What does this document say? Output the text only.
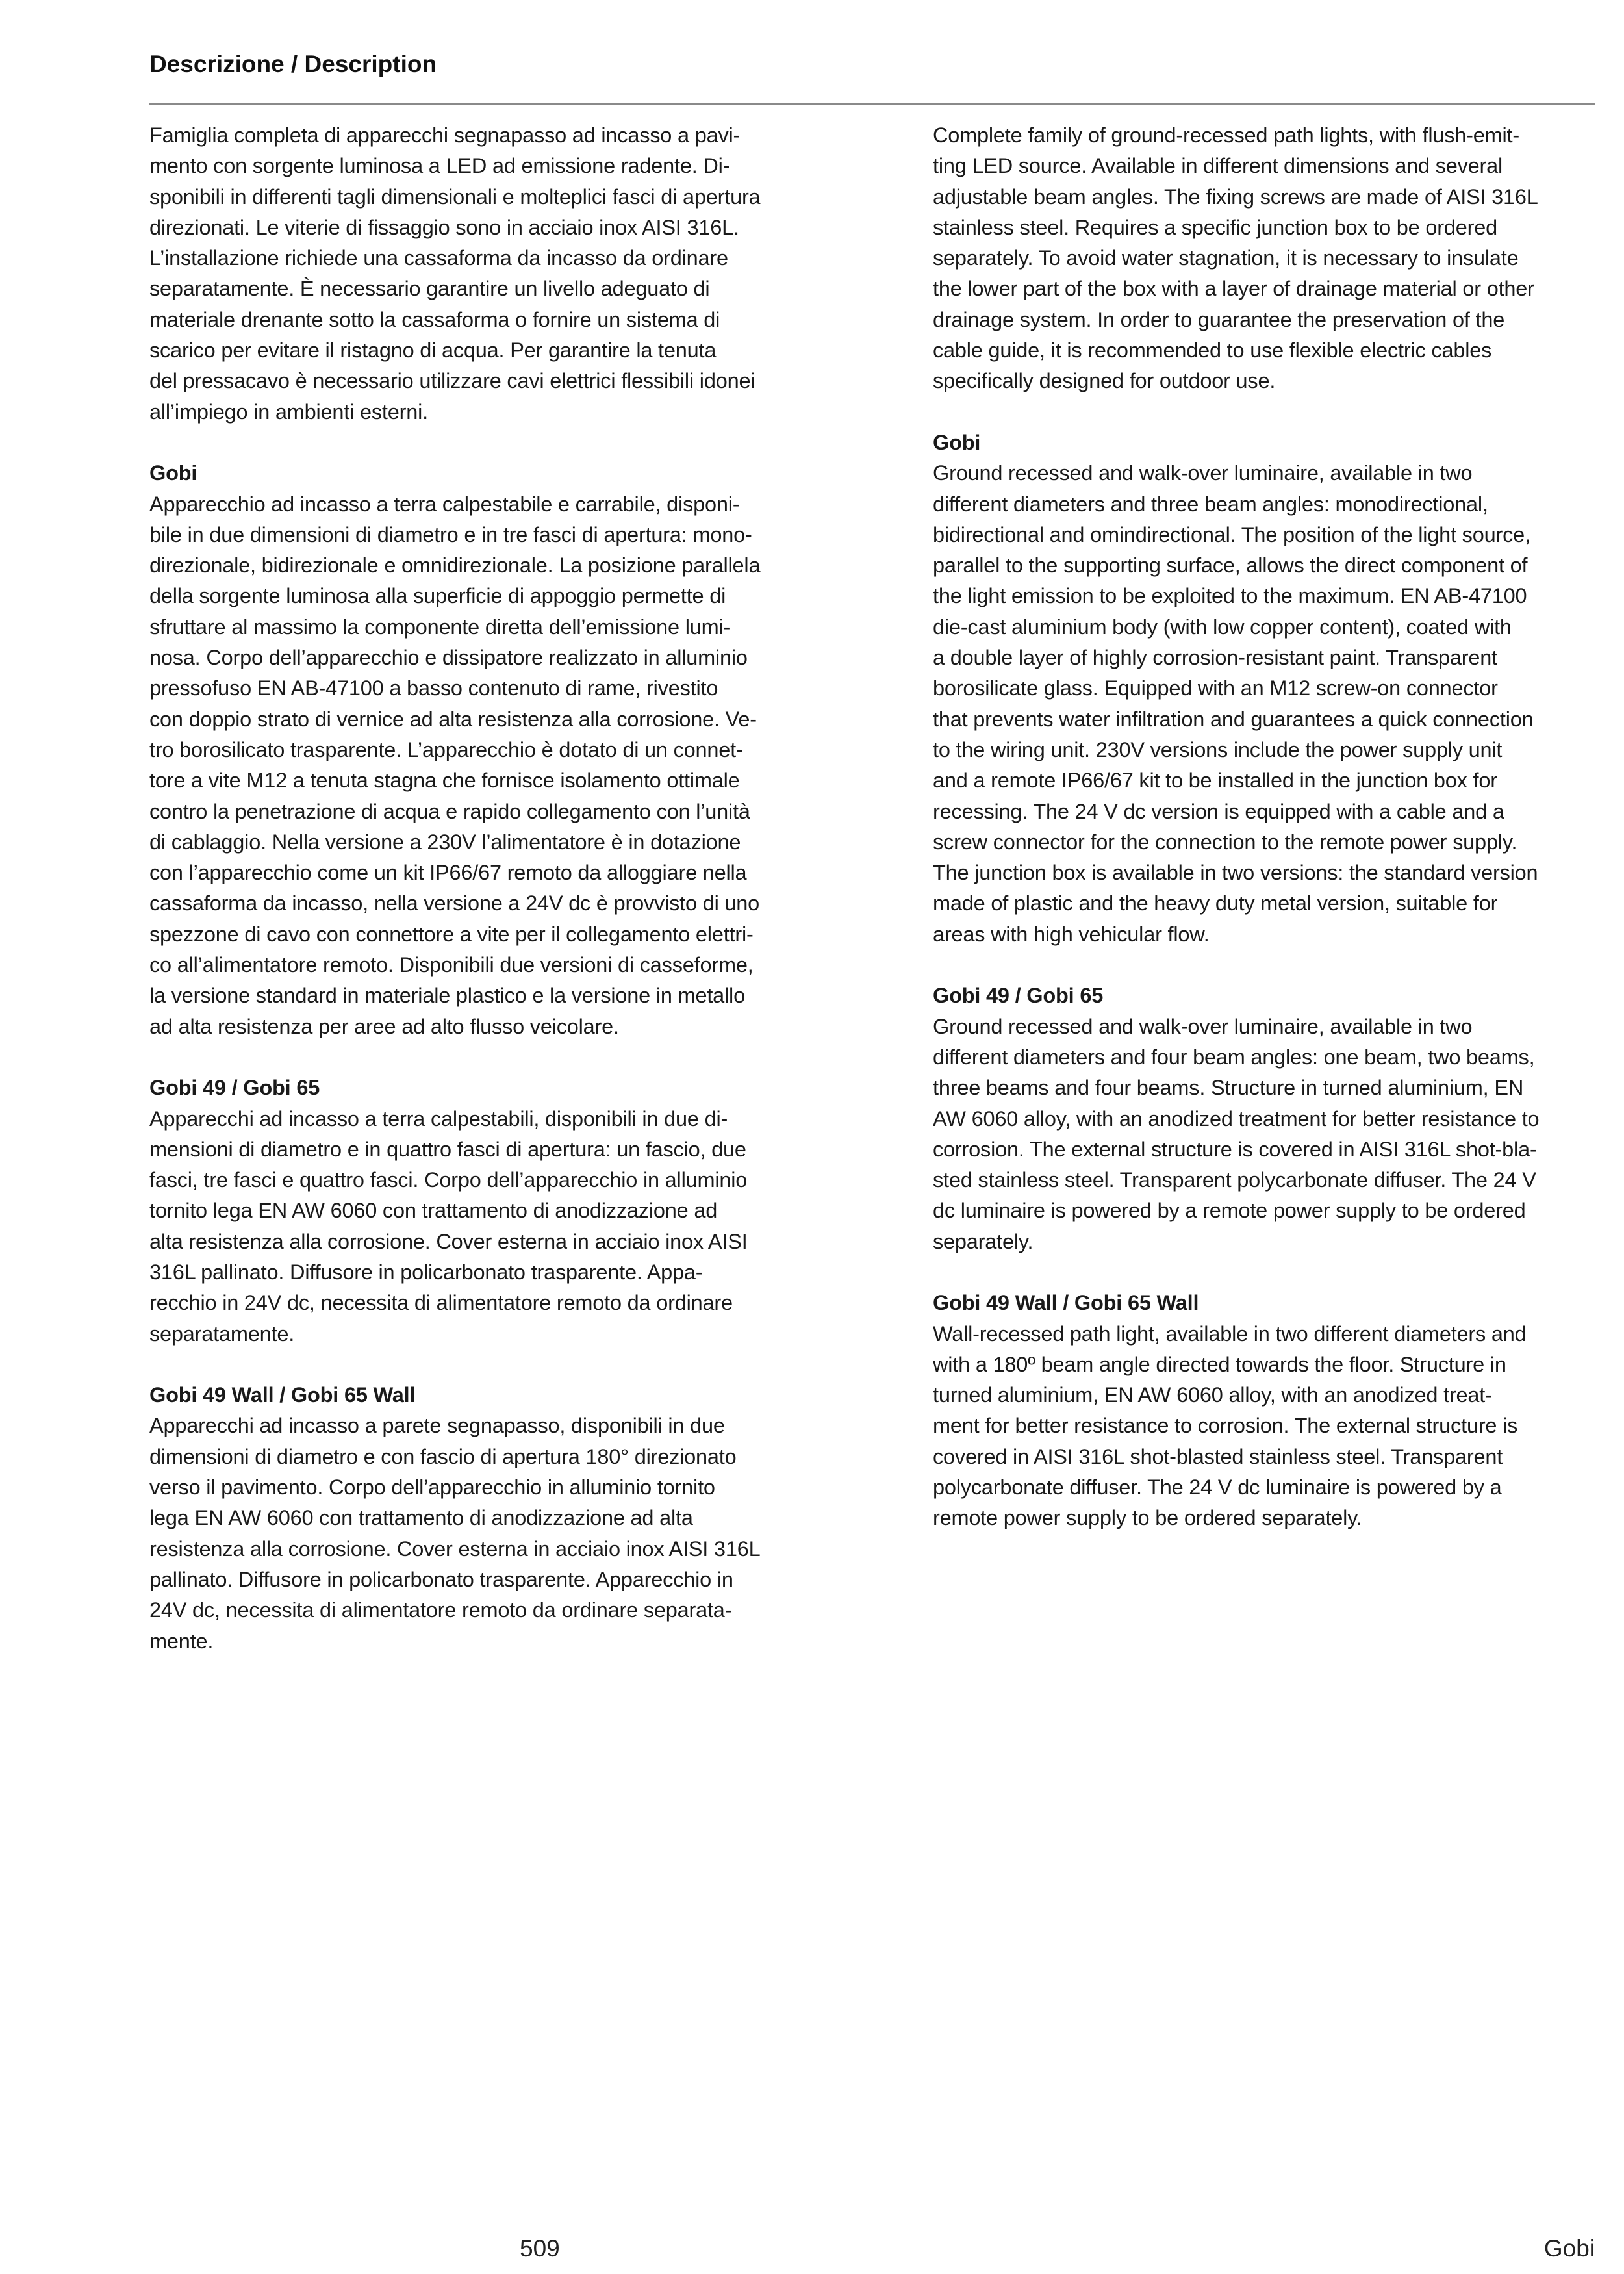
Descrizione / Description

Famiglia completa di apparecchi segnapasso ad incasso a pavi-
mento con sorgente luminosa a LED ad emissione radente. Di-
sponibili in differenti tagli dimensionali e molteplici fasci di apertura
direzionati. Le viterie di fissaggio sono in acciaio inox AISI 316L.
L’installazione richiede una cassaforma da incasso da ordinare
separatamente. È necessario garantire un livello adeguato di
materiale drenante sotto la cassaforma o fornire un sistema di
scarico per evitare il ristagno di acqua. Per garantire la tenuta
del pressacavo è necessario utilizzare cavi elettrici flessibili idonei
all’impiego in ambienti esterni.

Gobi

Apparecchio ad incasso a terra calpestabile e carrabile, disponi-
bile in due dimensioni di diametro e in tre fasci di apertura: mono-
direzionale, bidirezionale e omnidirezionale. La posizione parallela
della sorgente luminosa alla superficie di appoggio permette di
sfruttare al massimo la componente diretta dell’emissione lumi-
nosa. Corpo dell’apparecchio e dissipatore realizzato in alluminio
pressofuso EN AB-47100 a basso contenuto di rame, rivestito
con doppio strato di vernice ad alta resistenza alla corrosione. Ve-
tro borosilicato trasparente. L’apparecchio è dotato di un connet-
tore a vite M12 a tenuta stagna che fornisce isolamento ottimale
contro la penetrazione di acqua e rapido collegamento con l’unità
di cablaggio. Nella versione a 230V l’alimentatore è in dotazione
con l’apparecchio come un kit IP66/67 remoto da alloggiare nella
cassaforma da incasso, nella versione a 24V dc è provvisto di uno
spezzone di cavo con connettore a vite per il collegamento elettri-
co all’alimentatore remoto. Disponibili due versioni di casseforme,
la versione standard in materiale plastico e la versione in metallo
ad alta resistenza per aree ad alto flusso veicolare.

Gobi 49 / Gobi 65

Apparecchi ad incasso a terra calpestabili, disponibili in due di-
mensioni di diametro e in quattro fasci di apertura: un fascio, due
fasci, tre fasci e quattro fasci. Corpo dell’apparecchio in alluminio
tornito lega EN AW 6060 con trattamento di anodizzazione ad
alta resistenza alla corrosione. Cover esterna in acciaio inox AISI
316L pallinato. Diffusore in policarbonato trasparente. Appa-
recchio in 24V dc, necessita di alimentatore remoto da ordinare
separatamente.

Gobi 49 Wall / Gobi 65 Wall

Apparecchi ad incasso a parete segnapasso, disponibili in due
dimensioni di diametro e con fascio di apertura 180° direzionato
verso il pavimento. Corpo dell’apparecchio in alluminio tornito
lega EN AW 6060 con trattamento di anodizzazione ad alta
resistenza alla corrosione. Cover esterna in acciaio inox AISI 316L
pallinato. Diffusore in policarbonato trasparente. Apparecchio in
24V dc, necessita di alimentatore remoto da ordinare separata-
mente.

Complete family of ground-recessed path lights, with flush-emit-
ting LED source. Available in different dimensions and several
adjustable beam angles. The fixing screws are made of AISI 316L
stainless steel. Requires a specific junction box to be ordered
separately. To avoid water stagnation, it is necessary to insulate
the lower part of the box with a layer of drainage material or other
drainage system. In order to guarantee the preservation of the
cable guide, it is recommended to use flexible electric cables
specifically designed for outdoor use.

Gobi

Ground recessed and walk-over luminaire, available in two
different diameters and three beam angles: monodirectional,
bidirectional and omindirectional. The position of the light source,
parallel to the supporting surface, allows the direct component of
the light emission to be exploited to the maximum. EN AB-47100
die-cast aluminium body (with low copper content), coated with
a double layer of highly corrosion-resistant paint. Transparent
borosilicate glass. Equipped with an M12 screw-on connector
that prevents water infiltration and guarantees a quick connection
to the wiring unit. 230V versions include the power supply unit
and a remote IP66/67 kit to be installed in the junction box for
recessing. The 24 V dc version is equipped with a cable and a
screw connector for the connection to the remote power supply.
The junction box is available in two versions: the standard version
made of plastic and the heavy duty metal version, suitable for
areas with high vehicular flow.

Gobi 49 / Gobi 65

Ground recessed and walk-over luminaire, available in two
different diameters and four beam angles: one beam, two beams,
three beams and four beams. Structure in turned aluminium, EN
AW 6060 alloy, with an anodized treatment for better resistance to
corrosion. The external structure is covered in AISI 316L shot-bla-
sted stainless steel. Transparent polycarbonate diffuser. The 24 V
dc luminaire is powered by a remote power supply to be ordered
separately.

Gobi 49 Wall / Gobi 65 Wall

Wall-recessed path light, available in two different diameters and
with a 180º beam angle directed towards the floor. Structure in
turned aluminium, EN AW 6060 alloy, with an anodized treat-
ment for better resistance to corrosion. The external structure is
covered in AISI 316L shot-blasted stainless steel. Transparent
polycarbonate diffuser. The 24 V dc luminaire is powered by a
remote power supply to be ordered separately.

509	Gobi
